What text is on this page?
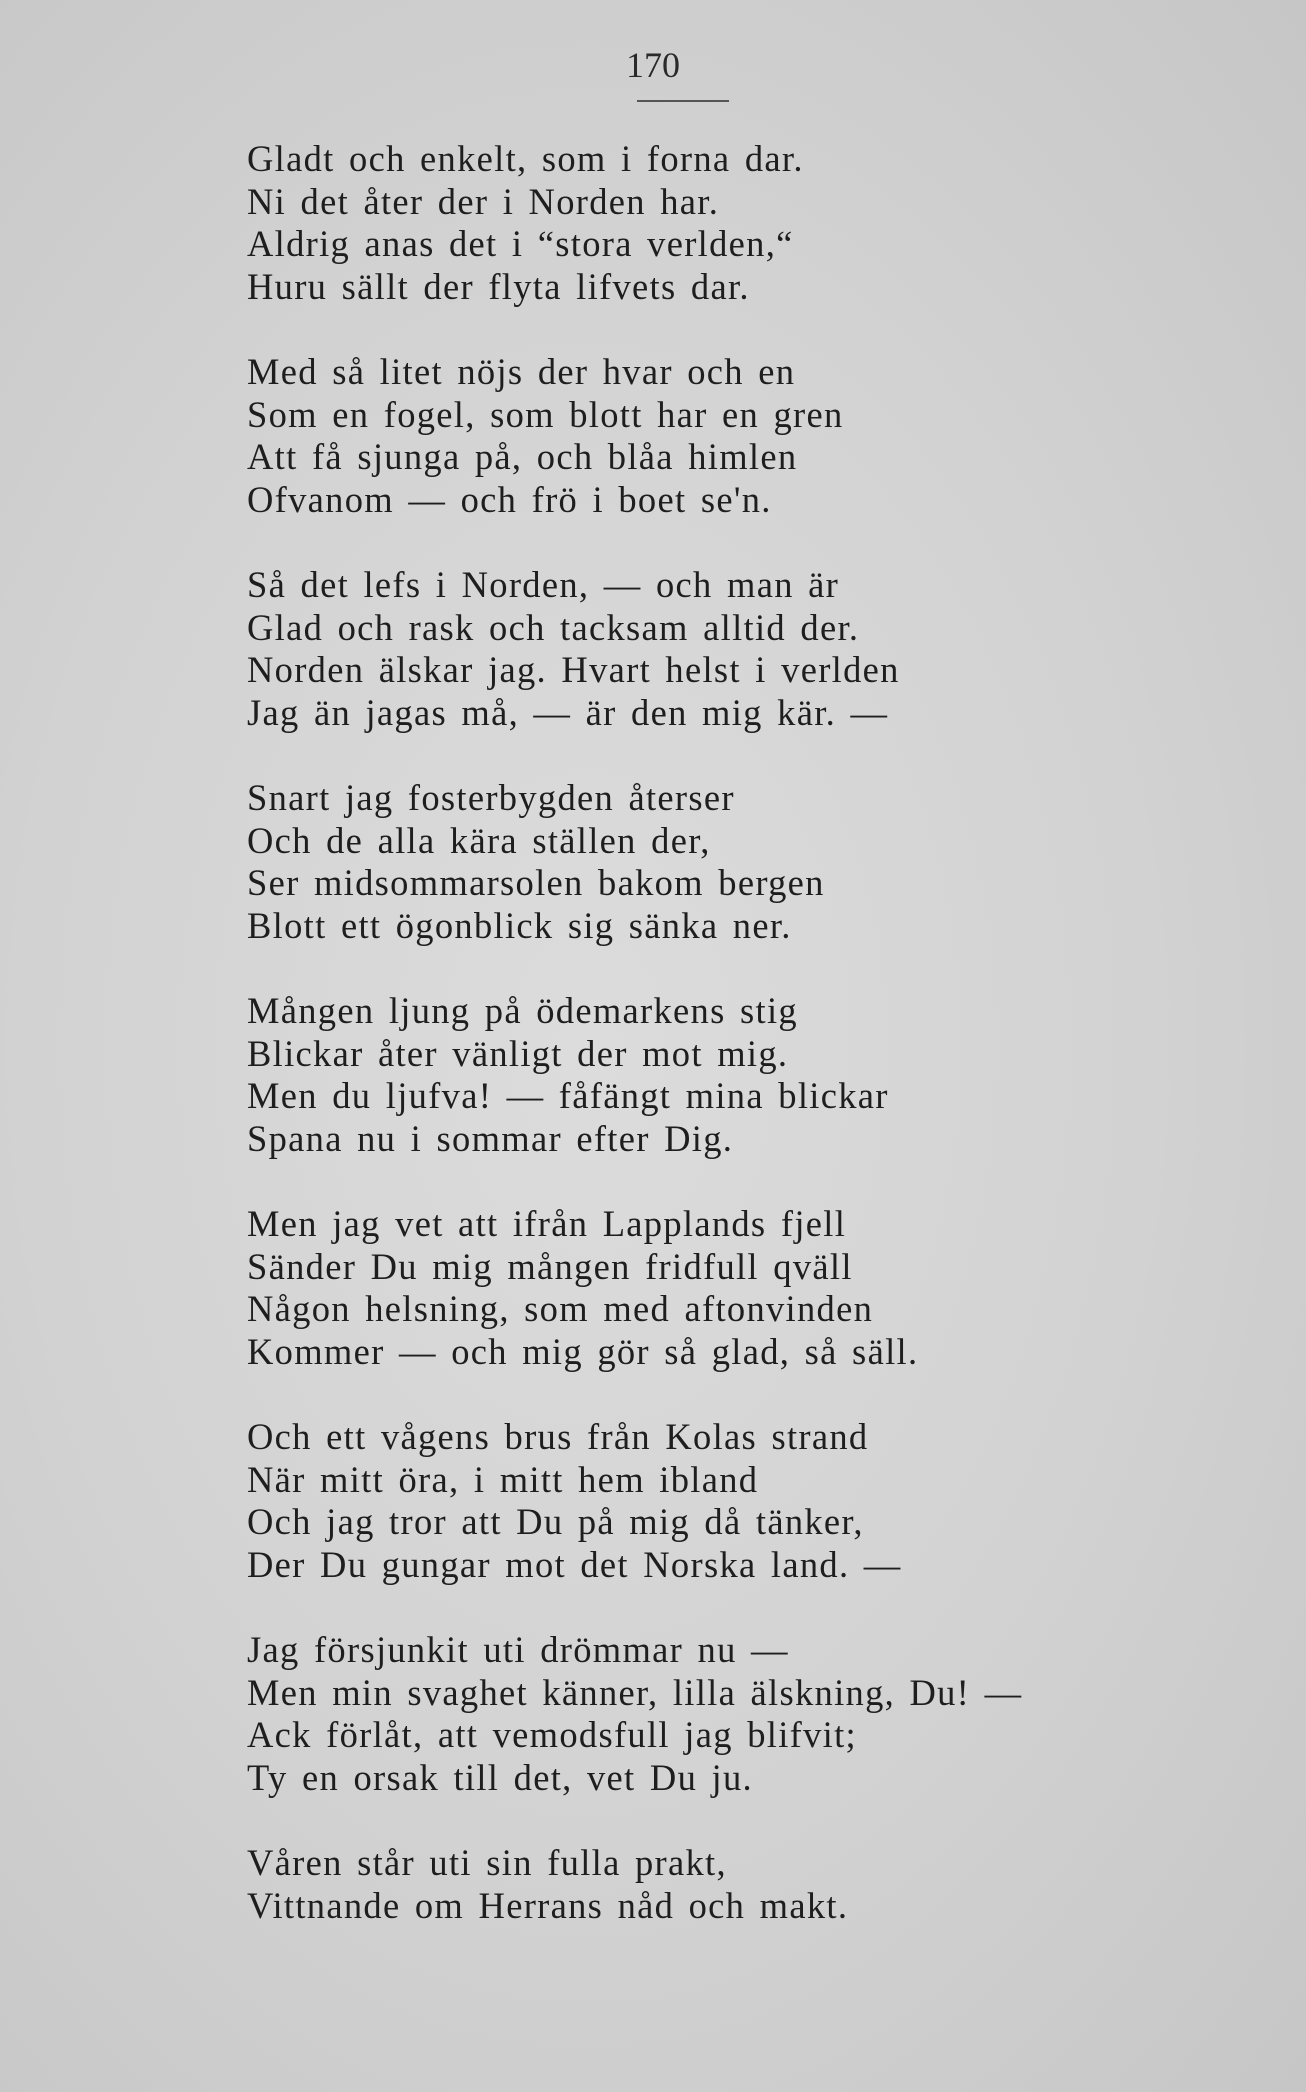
170
Gladt och enkelt, som i forna dar.
Ni det åter der i Norden har.
Aldrig anas det i “stora verlden,“
Huru sällt der flyta lifvets dar.
Med så litet nöjs der hvar och en
Som en fogel, som blott har en gren
Att få sjunga på, och blåa himlen
Ofvanom — och frö i boet se'n.
Så det lefs i Norden, — och man är
Glad och rask och tacksam alltid der.
Norden älskar jag. Hvart helst i verlden
Jag än jagas må, — är den mig kär. —
Snart jag fosterbygden återser
Och de alla kära ställen der,
Ser midsommarsolen bakom bergen
Blott ett ögonblick sig sänka ner.
Mången ljung på ödemarkens stig
Blickar åter vänligt der mot mig.
Men du ljufva! — fåfängt mina blickar
Spana nu i sommar efter Dig.
Men jag vet att ifrån Lapplands fjell
Sänder Du mig mången fridfull qväll
Någon helsning, som med aftonvinden
Kommer — och mig gör så glad, så säll.
Och ett vågens brus från Kolas strand
När mitt öra, i mitt hem ibland
Och jag tror att Du på mig då tänker,
Der Du gungar mot det Norska land. —
Jag försjunkit uti drömmar nu —
Men min svaghet känner, lilla älskning, Du! —
Ack förlåt, att vemodsfull jag blifvit;
Ty en orsak till det, vet Du ju.
Våren står uti sin fulla prakt,
Vittnande om Herrans nåd och makt.
